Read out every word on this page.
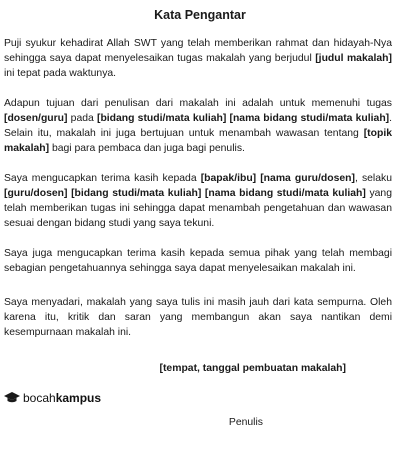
Kata Pengantar

Puji syukur kehadirat Allah SWT yang telah memberikan rahmat dan hidayah-Nya sehingga saya dapat menyelesaikan tugas makalah yang berjudul [judul makalah] ini tepat pada waktunya.

Adapun tujuan dari penulisan dari makalah ini adalah untuk memenuhi tugas [dosen/guru] pada [bidang studi/mata kuliah] [nama bidang studi/mata kuliah]. Selain itu, makalah ini juga bertujuan untuk menambah wawasan tentang [topik makalah] bagi para pembaca dan juga bagi penulis.

Saya mengucapkan terima kasih kepada [bapak/ibu] [nama guru/dosen], selaku [guru/dosen] [bidang studi/mata kuliah] [nama bidang studi/mata kuliah] yang telah memberikan tugas ini sehingga dapat menambah pengetahuan dan wawasan sesuai dengan bidang studi yang saya tekuni.

Saya juga mengucapkan terima kasih kepada semua pihak yang telah membagi sebagian pengetahuannya sehingga saya dapat menyelesaikan makalah ini.

Saya menyadari, makalah yang saya tulis ini masih jauh dari kata sempurna. Oleh karena itu, kritik dan saran yang membangun akan saya nantikan demi kesempurnaan makalah ini.

[tempat, tanggal pembuatan makalah]
bocahkampus
Penulis
